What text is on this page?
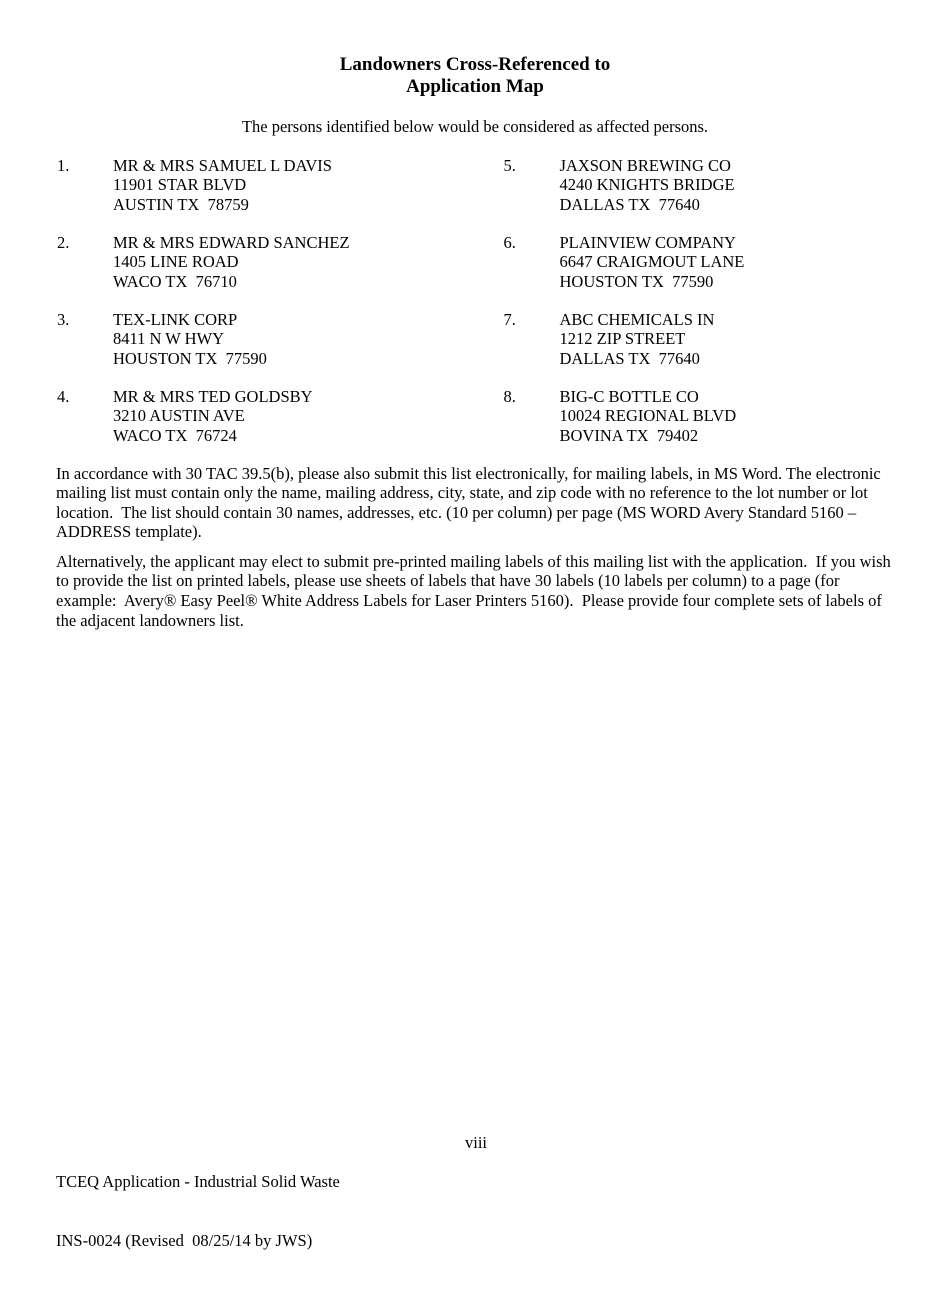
Landowners Cross-Referenced to
Application Map
The persons identified below would be considered as affected persons.
1.	MR & MRS SAMUEL L DAVIS
11901 STAR BLVD
AUSTIN TX  78759
2.	MR & MRS EDWARD SANCHEZ
1405 LINE ROAD
WACO TX  76710
3.	TEX-LINK CORP
8411 N W HWY
HOUSTON TX  77590
4.	MR & MRS TED GOLDSBY
3210 AUSTIN AVE
WACO TX  76724
5.	JAXSON BREWING CO
4240 KNIGHTS BRIDGE
DALLAS TX  77640
6.	PLAINVIEW COMPANY
6647 CRAIGMOUT LANE
HOUSTON TX  77590
7.	ABC CHEMICALS IN
1212 ZIP STREET
DALLAS TX  77640
8.	BIG-C BOTTLE CO
10024 REGIONAL BLVD
BOVINA TX  79402

In accordance with 30 TAC 39.5(b), please also submit this list electronically, for mailing labels, in MS Word. The electronic mailing list must contain only the name, mailing address, city, state, and zip code with no reference to the lot number or lot location.  The list should contain 30 names, addresses, etc. (10 per column) per page (MS WORD Avery Standard 5160 – ADDRESS template).

Alternatively, the applicant may elect to submit pre-printed mailing labels of this mailing list with the application.  If you wish to provide the list on printed labels, please use sheets of labels that have 30 labels (10 labels per column) to a page (for example:  Avery® Easy Peel® White Address Labels for Laser Printers 5160).  Please provide four complete sets of labels of the adjacent landowners list.

TCEQ Application - Industrial Solid Waste

INS-0024 (Revised  08/25/14 by JWS)

viii
